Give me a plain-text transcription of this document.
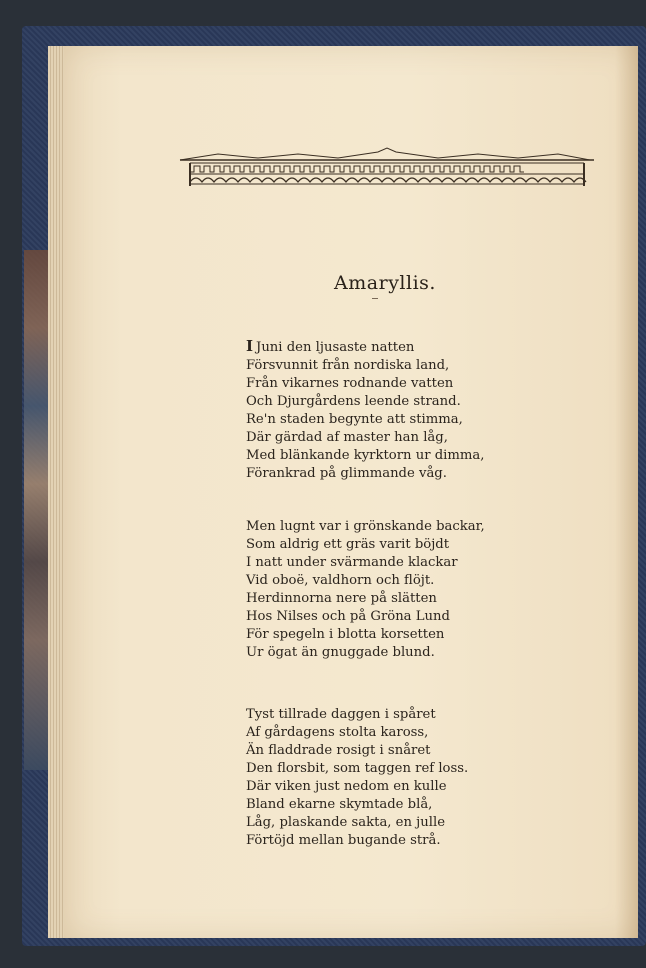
Amaryllis.
I Juni den ljusaste natten
Försvunnit från nordiska land,
Från vikarnes rodnande vatten
Och Djurgårdens leende strand.
Re'n staden begynte att stimma,
Där gärdad af master han låg,
Med blänkande kyrktorn ur dimma,
Förankrad på glimmande våg.
Men lugnt var i grönskande backar,
Som aldrig ett gräs varit böjdt
I natt under svärmande klackar
Vid oboë, valdhorn och flöjt.
Herdinnorna nere på slätten
Hos Nilses och på Gröna Lund
För spegeln i blotta korsetten
Ur ögat än gnuggade blund.
Tyst tillrade daggen i spåret
Af gårdagens stolta kaross,
Än fladdrade rosigt i snåret
Den florsbit, som taggen ref loss.
Där viken just nedom en kulle
Bland ekarne skymtade blå,
Låg, plaskande sakta, en julle
Förtöjd mellan bugande strå.
